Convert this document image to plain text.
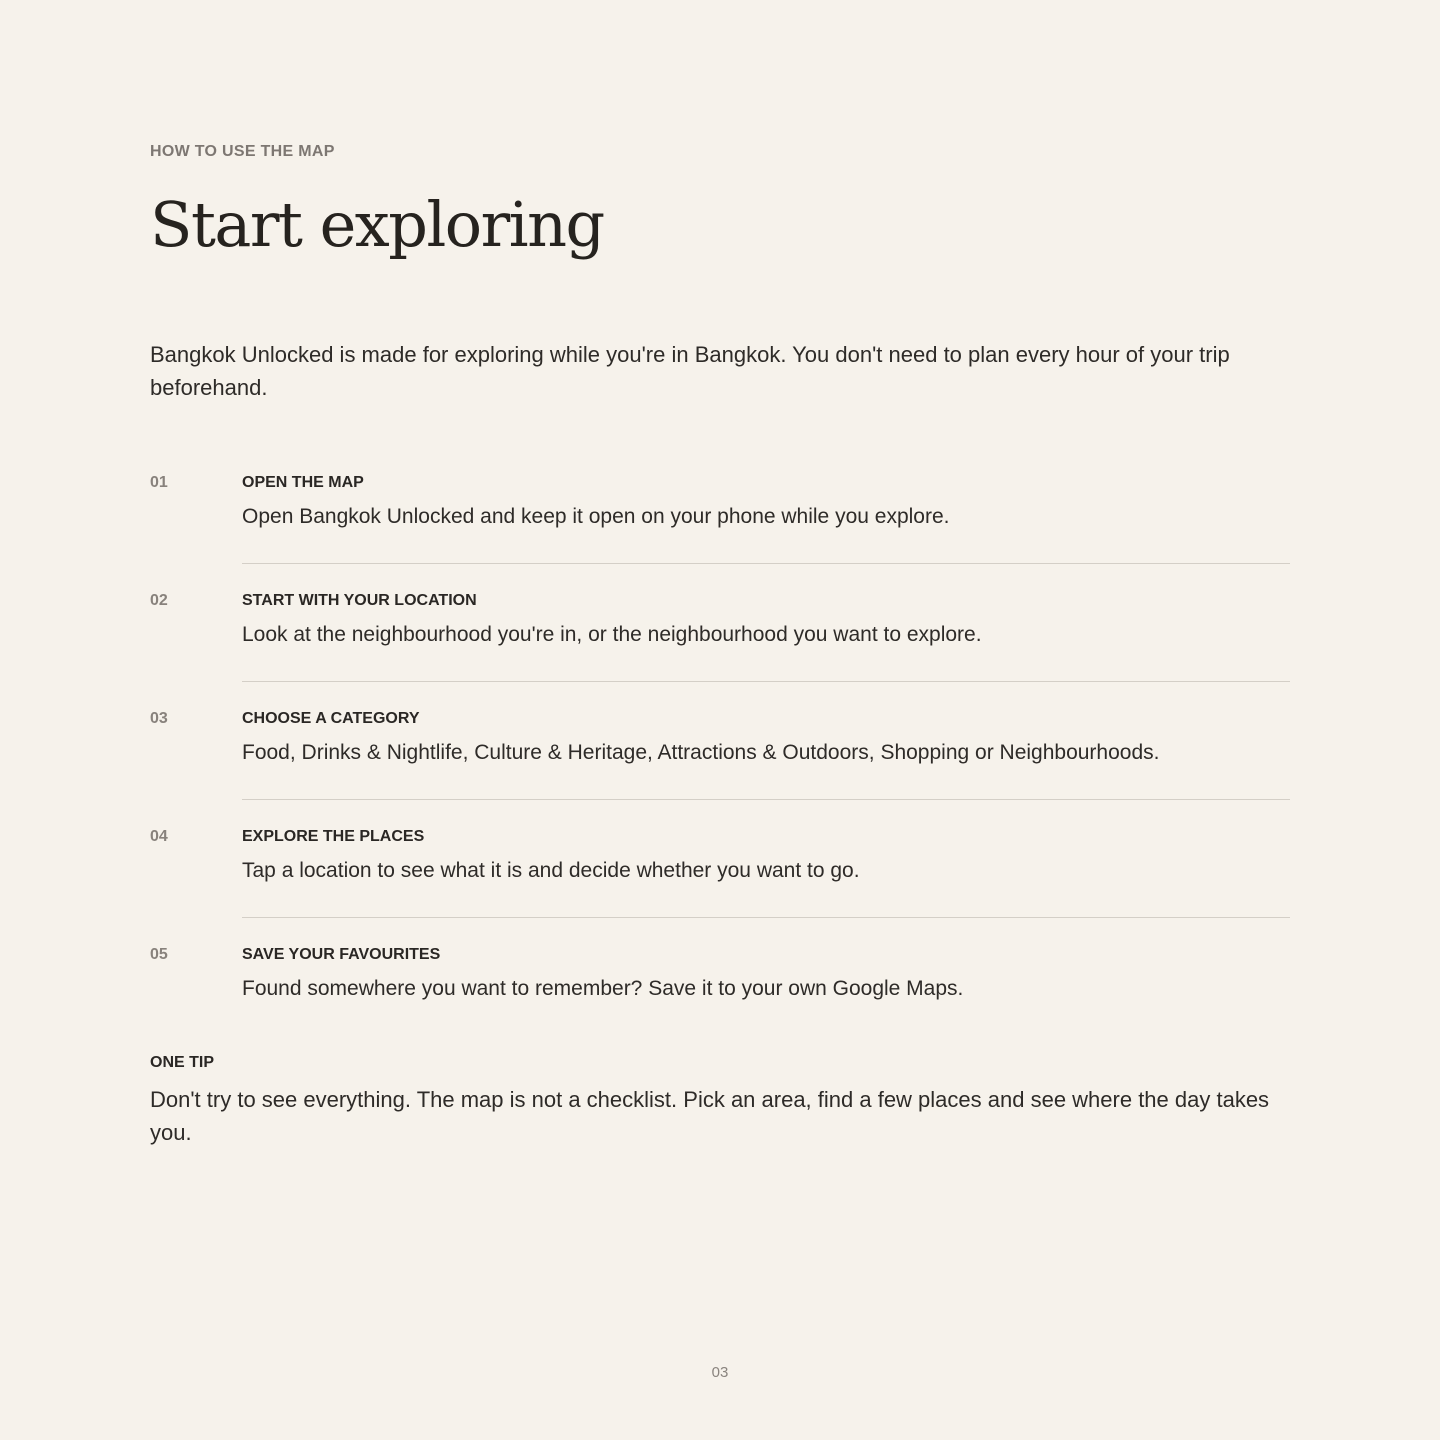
HOW TO USE THE MAP
Start exploring

Bangkok Unlocked is made for exploring while you're in Bangkok. You don't need to plan every hour of your trip beforehand.

01	OPEN THE MAP
Open Bangkok Unlocked and keep it open on your phone while you explore.
02	START WITH YOUR LOCATION
Look at the neighbourhood you're in, or the neighbourhood you want to explore.
03	CHOOSE A CATEGORY
Food, Drinks & Nightlife, Culture & Heritage, Attractions & Outdoors, Shopping or Neighbourhoods.
04	EXPLORE THE PLACES
Tap a location to see what it is and decide whether you want to go.
05	SAVE YOUR FAVOURITES
Found somewhere you want to remember? Save it to your own Google Maps.
ONE TIP

Don't try to see everything. The map is not a checklist. Pick an area, find a few places and see where the day takes you.

03
